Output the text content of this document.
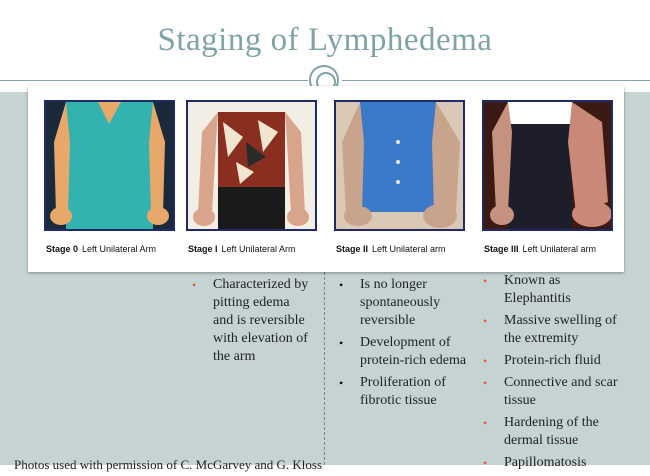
Staging of Lymphedema
Stage 0 Left Unilateral Arm	Stage I Left Unilateral Arm	Stage II Left Unilateral arm	Stage III Left Unilateral arm
• Characterized by pitting edema and is reversible with elevation of the arm
• Is no longer spontaneously reversible
• Development of protein-rich edema
• Proliferation of fibrotic tissue
• Known as Elephantitis
• Massive swelling of the extremity
• Protein-rich fluid
• Connective and scar tissue
• Hardening of the dermal tissue
• Papillomatosis
Photos used with permission of C. McGarvey and G. Kloss
